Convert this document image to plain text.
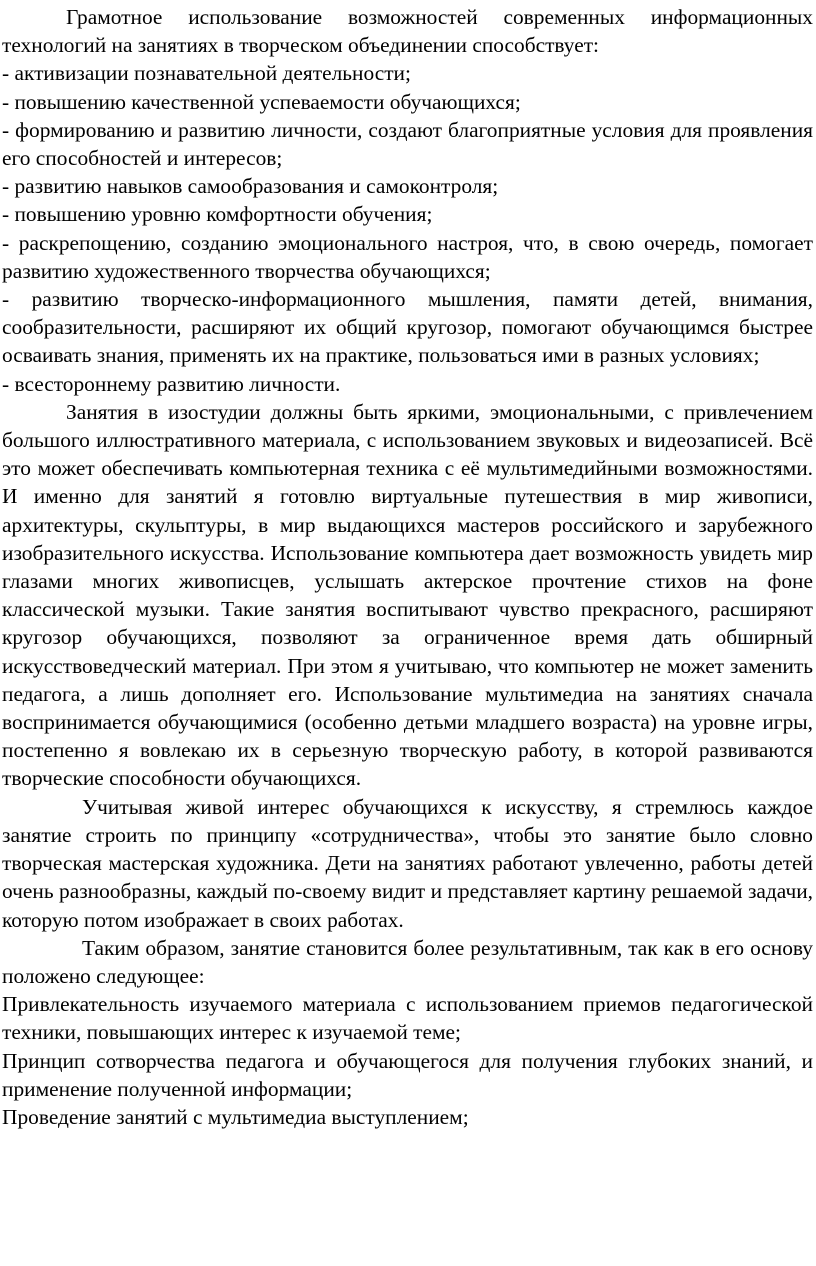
Грамотное использование возможностей современных информационных технологий на занятиях в творческом объединении способствует:

- активизации познавательной деятельности;

- повышению качественной успеваемости обучающихся;

- формированию и развитию личности, создают благоприятные условия для проявления его способностей и интересов;

- развитию навыков самообразования и самоконтроля;

- повышению уровню комфортности обучения;

- раскрепощению, созданию эмоционального настроя, что, в свою очередь, помогает развитию художественного творчества обучающихся;

- развитию творческо-информационного мышления, памяти детей, внимания, сообразительности, расширяют их общий кругозор, помогают обучающимся быстрее осваивать знания, применять их на практике, пользоваться ими в разных условиях;

- всестороннему развитию личности.

Занятия в изостудии должны быть яркими, эмоциональными, с привлечением большого иллюстративного материала, с использованием звуковых и видеозаписей. Всё это может обеспечивать компьютерная техника с её мультимедийными возможностями. И именно для занятий я готовлю виртуальные путешествия в мир живописи, архитектуры, скульптуры, в мир выдающихся мастеров российского и зарубежного изобразительного искусства. Использование компьютера дает возможность увидеть мир глазами многих живописцев, услышать актерское прочтение стихов на фоне классической музыки. Такие занятия воспитывают чувство прекрасного, расширяют кругозор обучающихся, позволяют за ограниченное время дать обширный искусствоведческий материал. При этом я учитываю, что компьютер не может заменить педагога, а лишь дополняет его. Использование мультимедиа на занятиях сначала воспринимается обучающимися (особенно детьми младшего возраста) на уровне игры, постепенно я вовлекаю их в серьезную творческую работу, в которой развиваются творческие способности обучающихся.

Учитывая живой интерес обучающихся к искусству, я стремлюсь каждое занятие строить по принципу «сотрудничества», чтобы это занятие было словно творческая мастерская художника. Дети на занятиях работают увлеченно, работы детей очень разнообразны, каждый по-своему видит и представляет картину решаемой задачи, которую потом изображает в своих работах.

Таким образом, занятие становится более результативным, так как в его основу положено следующее:

Привлекательность изучаемого материала с использованием приемов педагогической техники, повышающих интерес к изучаемой теме;

Принцип сотворчества педагога и обучающегося для получения глубоких знаний, и применение полученной информации;

Проведение занятий с мультимедиа выступлением;
